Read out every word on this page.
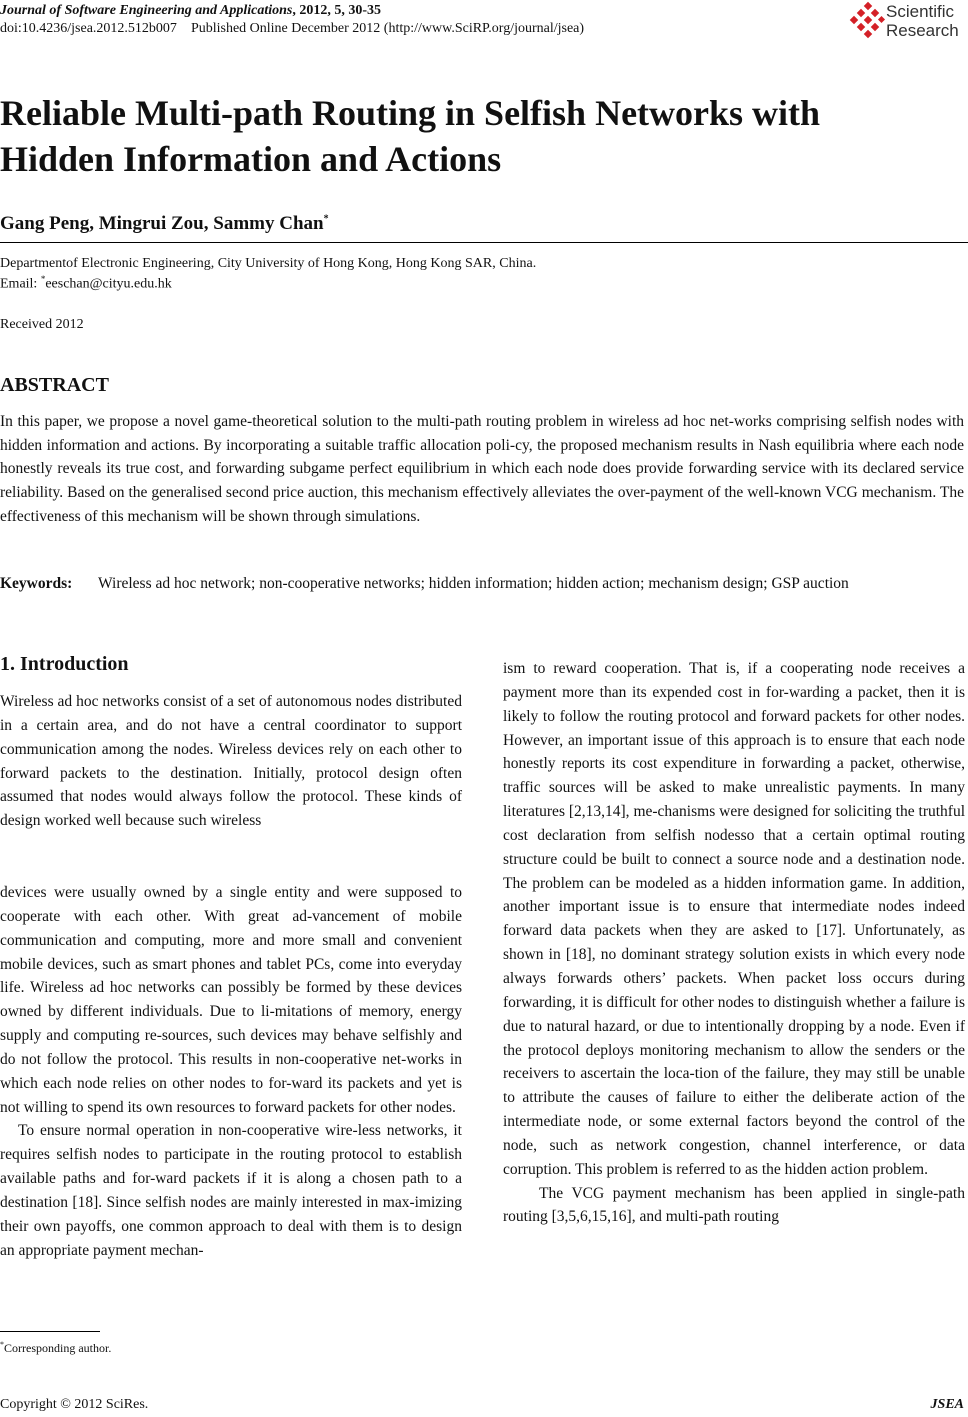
Journal of Software Engineering and Applications, 2012, 5, 30-35
doi:10.4236/jsea.2012.512b007 Published Online December 2012 (http://www.SciRP.org/journal/jsea)
Scientific
Research
Reliable Multi-path Routing in Selfish Networks with Hidden Information and Actions
Gang Peng, Mingrui Zou, Sammy Chan*
Departmentof Electronic Engineering, City University of Hong Kong, Hong Kong SAR, China.
Email: *eeschan@cityu.edu.hk
Received 2012
ABSTRACT
In this paper, we propose a novel game-theoretical solution to the multi-path routing problem in wireless ad hoc net-works comprising selfish nodes with hidden information and actions. By incorporating a suitable traffic allocation poli-cy, the proposed mechanism results in Nash equilibria where each node honestly reveals its true cost, and forwarding subgame perfect equilibrium in which each node does provide forwarding service with its declared service reliability. Based on the generalised second price auction, this mechanism effectively alleviates the over-payment of the well-known VCG mechanism. The effectiveness of this mechanism will be shown through simulations.
Keywords: Wireless ad hoc network; non-cooperative networks; hidden information; hidden action; mechanism design; GSP auction
1. Introduction

Wireless ad hoc networks consist of a set of autonomous nodes distributed in a certain area, and do not have a central coordinator to support communication among the nodes. Wireless devices rely on each other to forward packets to the destination. Initially, protocol design often assumed that nodes would always follow the protocol. These kinds of design worked well because such wireless

devices were usually owned by a single entity and were supposed to cooperate with each other. With great ad-vancement of mobile communication and computing, more and more small and convenient mobile devices, such as smart phones and tablet PCs, come into everyday life. Wireless ad hoc networks can possibly be formed by these devices owned by different individuals. Due to li-mitations of memory, energy supply and computing re-sources, such devices may behave selfishly and do not follow the protocol. This results in non-cooperative net-works in which each node relies on other nodes to for-ward its packets and yet is not willing to spend its own resources to forward packets for other nodes.

To ensure normal operation in non-cooperative wire-less networks, it requires selfish nodes to participate in the routing protocol to establish available paths and for-ward packets if it is along a chosen path to a destination [18]. Since selfish nodes are mainly interested in max-imizing their own payoffs, one common approach to deal with them is to design an appropriate payment mechan-

ism to reward cooperation. That is, if a cooperating node receives a payment more than its expended cost in for-warding a packet, then it is likely to follow the routing protocol and forward packets for other nodes. However, an important issue of this approach is to ensure that each node honestly reports its cost expenditure in forwarding a packet, otherwise, traffic sources will be asked to make unrealistic payments. In many literatures [2,13,14], me-chanisms were designed for soliciting the truthful cost declaration from selfish nodesso that a certain optimal routing structure could be built to connect a source node and a destination node. The problem can be modeled as a hidden information game. In addition, another important issue is to ensure that intermediate nodes indeed forward data packets when they are asked to [17]. Unfortunately, as shown in [18], no dominant strategy solution exists in which every node always forwards others’ packets. When packet loss occurs during forwarding, it is difficult for other nodes to distinguish whether a failure is due to natural hazard, or due to intentionally dropping by a node. Even if the protocol deploys monitoring mechanism to allow the senders or the receivers to ascertain the loca-tion of the failure, they may still be unable to attribute the causes of failure to either the deliberate action of the intermediate node, or some external factors beyond the control of the node, such as network congestion, channel interference, or data corruption. This problem is referred to as the hidden action problem.

The VCG payment mechanism has been applied in single-path routing [3,5,6,15,16], and multi-path routing

*Corresponding author.
Copyright © 2012 SciRes.	JSEA
